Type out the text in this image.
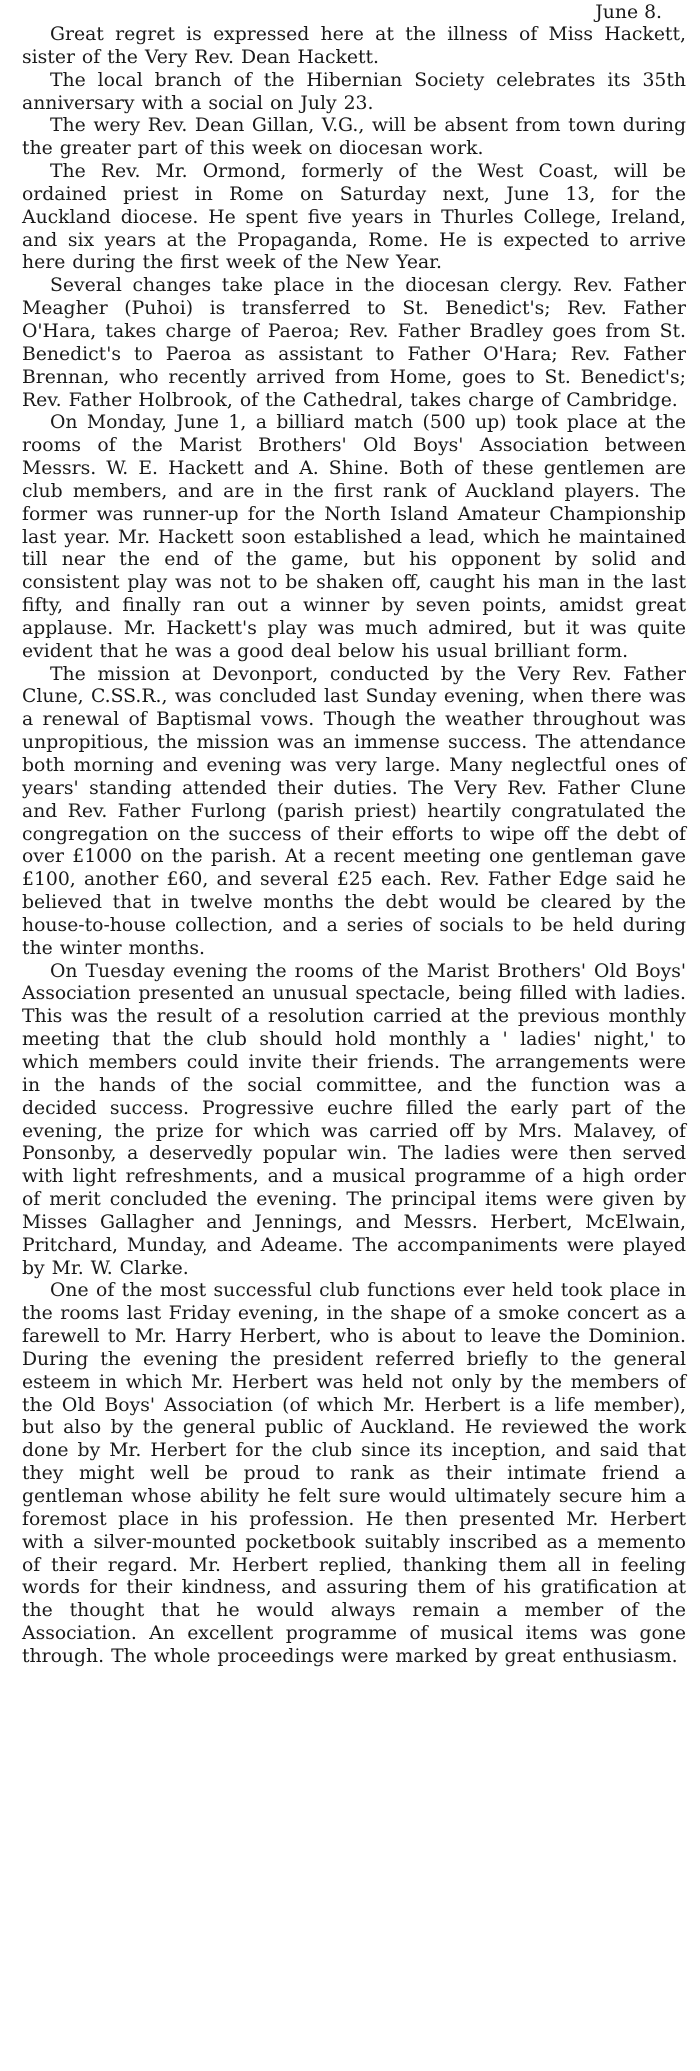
June 8.

Great regret is expressed here at the illness of Miss Hackett, sister of the Very Rev. Dean Hackett.

The local branch of the Hibernian Society celebrates its 35th anniversary with a social on July 23.

The wery Rev. Dean Gillan, V.G., will be absent from town during the greater part of this week on diocesan work.

The Rev. Mr. Ormond, formerly of the West Coast, will be ordained priest in Rome on Saturday next, June 13, for the Auckland diocese. He spent five years in Thurles College, Ireland, and six years at the Propaganda, Rome. He is expected to arrive here during the first week of the New Year.

Several changes take place in the diocesan clergy. Rev. Father Meagher (Puhoi) is transferred to St. Benedict's; Rev. Father O'Hara, takes charge of Paeroa; Rev. Father Bradley goes from St. Benedict's to Paeroa as assistant to Father O'Hara; Rev. Father Brennan, who recently arrived from Home, goes to St. Benedict's; Rev. Father Holbrook, of the Cathedral, takes charge of Cambridge.

On Monday, June 1, a billiard match (500 up) took place at the rooms of the Marist Brothers' Old Boys' Association between Messrs. W. E. Hackett and A. Shine. Both of these gentlemen are club members, and are in the first rank of Auckland players. The former was runner-up for the North Island Amateur Championship last year. Mr. Hackett soon established a lead, which he maintained till near the end of the game, but his opponent by solid and consistent play was not to be shaken off, caught his man in the last fifty, and finally ran out a winner by seven points, amidst great applause. Mr. Hackett's play was much admired, but it was quite evident that he was a good deal below his usual brilliant form.

The mission at Devonport, conducted by the Very Rev. Father Clune, C.SS.R., was concluded last Sunday evening, when there was a renewal of Baptismal vows. Though the weather throughout was unpropitious, the mission was an immense success. The attendance both morning and evening was very large. Many neglectful ones of years' standing attended their duties. The Very Rev. Father Clune and Rev. Father Furlong (parish priest) heartily congratulated the congregation on the success of their efforts to wipe off the debt of over £1000 on the parish. At a recent meeting one gentleman gave £100, another £60, and several £25 each. Rev. Father Edge said he believed that in twelve months the debt would be cleared by the house-to-house collection, and a series of socials to be held during the winter months.

On Tuesday evening the rooms of the Marist Brothers' Old Boys' Association presented an unusual spectacle, being filled with ladies. This was the result of a resolution carried at the previous monthly meeting that the club should hold monthly a ' ladies' night,' to which members could invite their friends. The arrangements were in the hands of the social committee, and the function was a decided success. Progressive euchre filled the early part of the evening, the prize for which was carried off by Mrs. Malavey, of Ponsonby, a deservedly popular win. The ladies were then served with light refreshments, and a musical programme of a high order of merit concluded the evening. The principal items were given by Misses Gallagher and Jennings, and Messrs. Herbert, McElwain, Pritchard, Munday, and Adeame. The accompaniments were played by Mr. W. Clarke.

One of the most successful club functions ever held took place in the rooms last Friday evening, in the shape of a smoke concert as a farewell to Mr. Harry Herbert, who is about to leave the Dominion. During the evening the president referred briefly to the general esteem in which Mr. Herbert was held not only by the members of the Old Boys' Association (of which Mr. Herbert is a life member), but also by the general public of Auckland. He reviewed the work done by Mr. Herbert for the club since its inception, and said that they might well be proud to rank as their intimate friend a gentleman whose ability he felt sure would ultimately secure him a foremost place in his profession. He then presented Mr. Herbert with a silver-mounted pocketbook suitably inscribed as a memento of their regard. Mr. Herbert replied, thanking them all in feeling words for their kindness, and assuring them of his gratification at the thought that he would always remain a member of the Association. An excellent programme of musical items was gone through. The whole proceedings were marked by great enthusiasm.
